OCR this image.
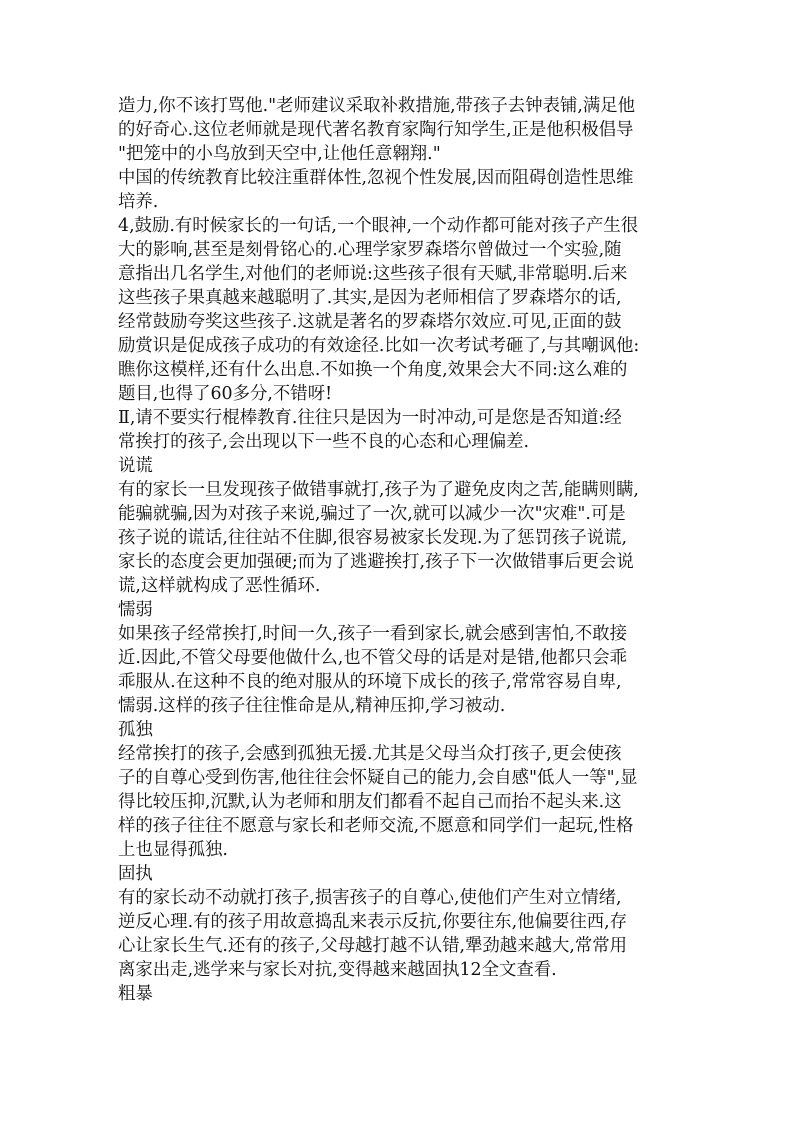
造力,你不该打骂他."老师建议采取补救措施,带孩子去钟表铺,满足他
的好奇心.这位老师就是现代著名教育家陶行知学生,正是他积极倡导
"把笼中的小鸟放到天空中,让他任意翱翔."
中国的传统教育比较注重群体性,忽视个性发展,因而阻碍创造性思维
培养.
4,鼓励.有时候家长的一句话,一个眼神,一个动作都可能对孩子产生很
大的影响,甚至是刻骨铭心的.心理学家罗森塔尔曾做过一个实验,随
意指出几名学生,对他们的老师说:这些孩子很有天赋,非常聪明.后来
这些孩子果真越来越聪明了.其实,是因为老师相信了罗森塔尔的话,
经常鼓励夸奖这些孩子.这就是著名的罗森塔尔效应.可见,正面的鼓
励赏识是促成孩子成功的有效途径.比如一次考试考砸了,与其嘲讽他:
瞧你这模样,还有什么出息.不如换一个角度,效果会大不同:这么难的
题目,也得了60多分,不错呀!
Ⅱ,请不要实行棍棒教育.往往只是因为一时冲动,可是您是否知道:经
常挨打的孩子,会出现以下一些不良的心态和心理偏差.
说谎
有的家长一旦发现孩子做错事就打,孩子为了避免皮肉之苦,能瞒则瞒,
能骗就骗,因为对孩子来说,骗过了一次,就可以减少一次"灾难".可是
孩子说的谎话,往往站不住脚,很容易被家长发现.为了惩罚孩子说谎,
家长的态度会更加强硬;而为了逃避挨打,孩子下一次做错事后更会说
谎,这样就构成了恶性循环.
懦弱
如果孩子经常挨打,时间一久,孩子一看到家长,就会感到害怕,不敢接
近.因此,不管父母要他做什么,也不管父母的话是对是错,他都只会乖
乖服从.在这种不良的绝对服从的环境下成长的孩子,常常容易自卑,
懦弱.这样的孩子往往惟命是从,精神压抑,学习被动.
孤独
经常挨打的孩子,会感到孤独无援.尤其是父母当众打孩子,更会使孩
子的自尊心受到伤害,他往往会怀疑自己的能力,会自感"低人一等",显
得比较压抑,沉默,认为老师和朋友们都看不起自己而抬不起头来.这
样的孩子往往不愿意与家长和老师交流,不愿意和同学们一起玩,性格
上也显得孤独.
固执
有的家长动不动就打孩子,损害孩子的自尊心,使他们产生对立情绪,
逆反心理.有的孩子用故意捣乱来表示反抗,你要往东,他偏要往西,存
心让家长生气.还有的孩子,父母越打越不认错,犟劲越来越大,常常用
离家出走,逃学来与家长对抗,变得越来越固执12全文查看.
粗暴
